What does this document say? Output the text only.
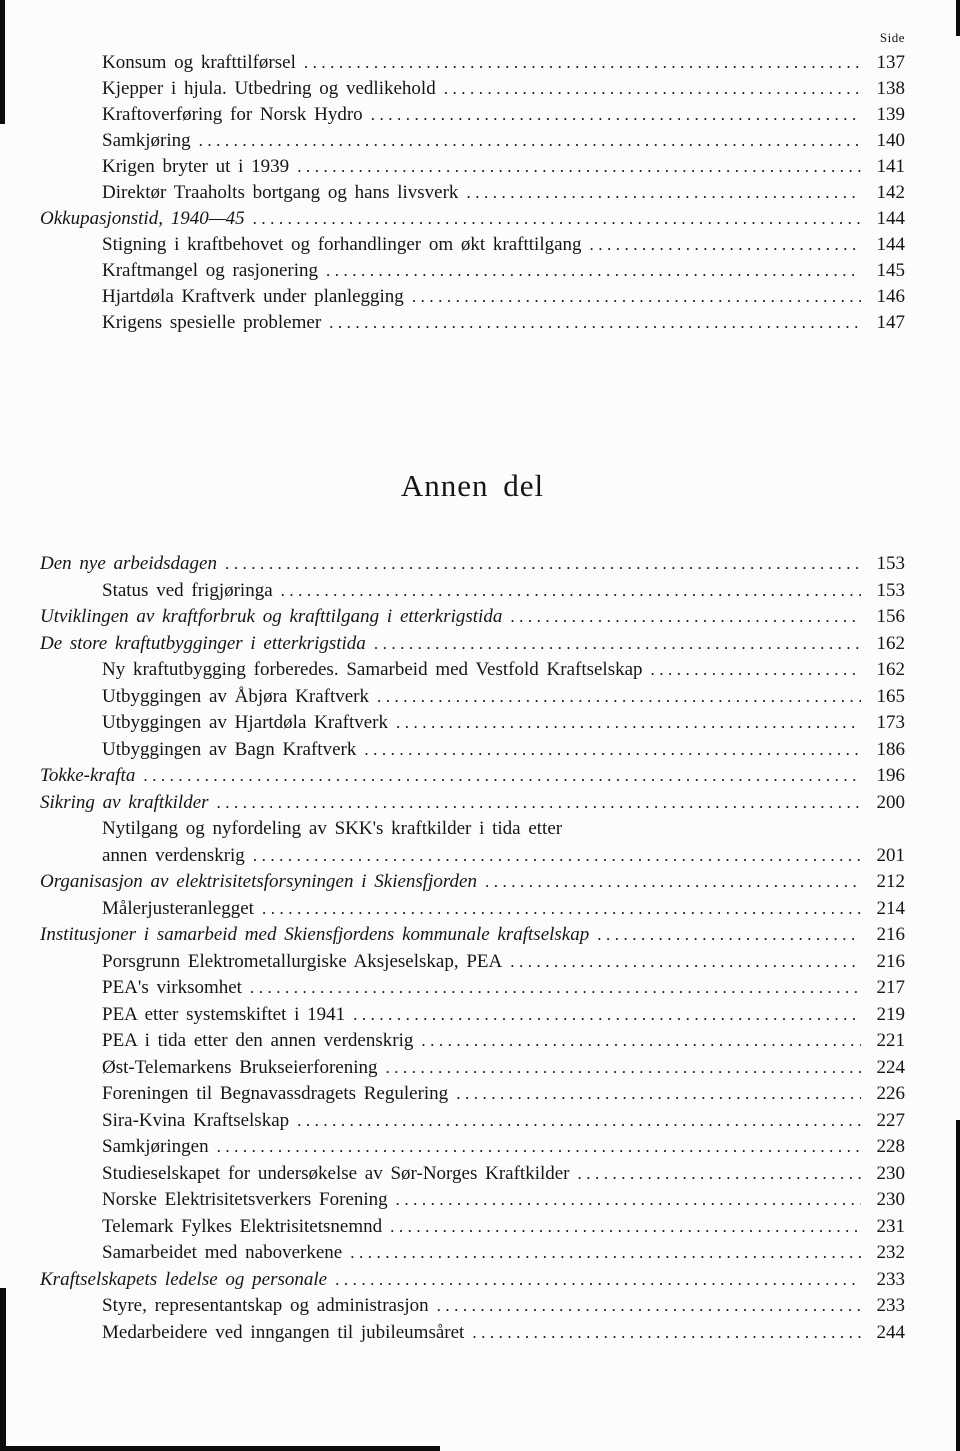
Side
Konsum og krafttilførsel .....	137
Kjepper i hjula. Utbedring og vedlikehold .....	138
Kraftoverføring for Norsk Hydro .....	139
Samkjøring .....	140
Krigen bryter ut i 1939 .....	141
Direktør Traaholts bortgang og hans livsverk .....	142
Okkupasjonstid, 1940—45 .....	144
Stigning i kraftbehovet og forhandlinger om økt krafttilgang .....	144
Kraftmangel og rasjonering .....	145
Hjartdøla Kraftverk under planlegging .....	146
Krigens spesielle problemer .....	147
Annen del
Den nye arbeidsdagen .....	153
Status ved frigjøringa .....	153
Utviklingen av kraftforbruk og krafttilgang i etterkrigstida .....	156
De store kraftutbygginger i etterkrigstida .....	162
Ny kraftutbygging forberedes. Samarbeid med Vestfold Kraftselskap .....	162
Utbyggingen av Åbjøra Kraftverk .....	165
Utbyggingen av Hjartdøla Kraftverk .....	173
Utbyggingen av Bagn Kraftverk .....	186
Tokke-krafta .....	196
Sikring av kraftkilder .....	200
Nytilgang og nyfordeling av SKK's kraftkilder i tida etter
annen verdenskrig .....	201
Organisasjon av elektrisitetsforsyningen i Skiensfjorden .....	212
Målerjusteranlegget .....	214
Institusjoner i samarbeid med Skiensfjordens kommunale kraftselskap .....	216
Porsgrunn Elektrometallurgiske Aksjeselskap, PEA .....	216
PEA's virksomhet .....	217
PEA etter systemskiftet i 1941 .....	219
PEA i tida etter den annen verdenskrig .....	221
Øst-Telemarkens Brukseierforening .....	224
Foreningen til Begnavassdragets Regulering .....	226
Sira-Kvina Kraftselskap .....	227
Samkjøringen .....	228
Studieselskapet for undersøkelse av Sør-Norges Kraftkilder .....	230
Norske Elektrisitetsverkers Forening .....	230
Telemark Fylkes Elektrisitetsnemnd .....	231
Samarbeidet med naboverkene .....	232
Kraftselskapets ledelse og personale .....	233
Styre, representantskap og administrasjon .....	233
Medarbeidere ved inngangen til jubileumsåret .....	244
